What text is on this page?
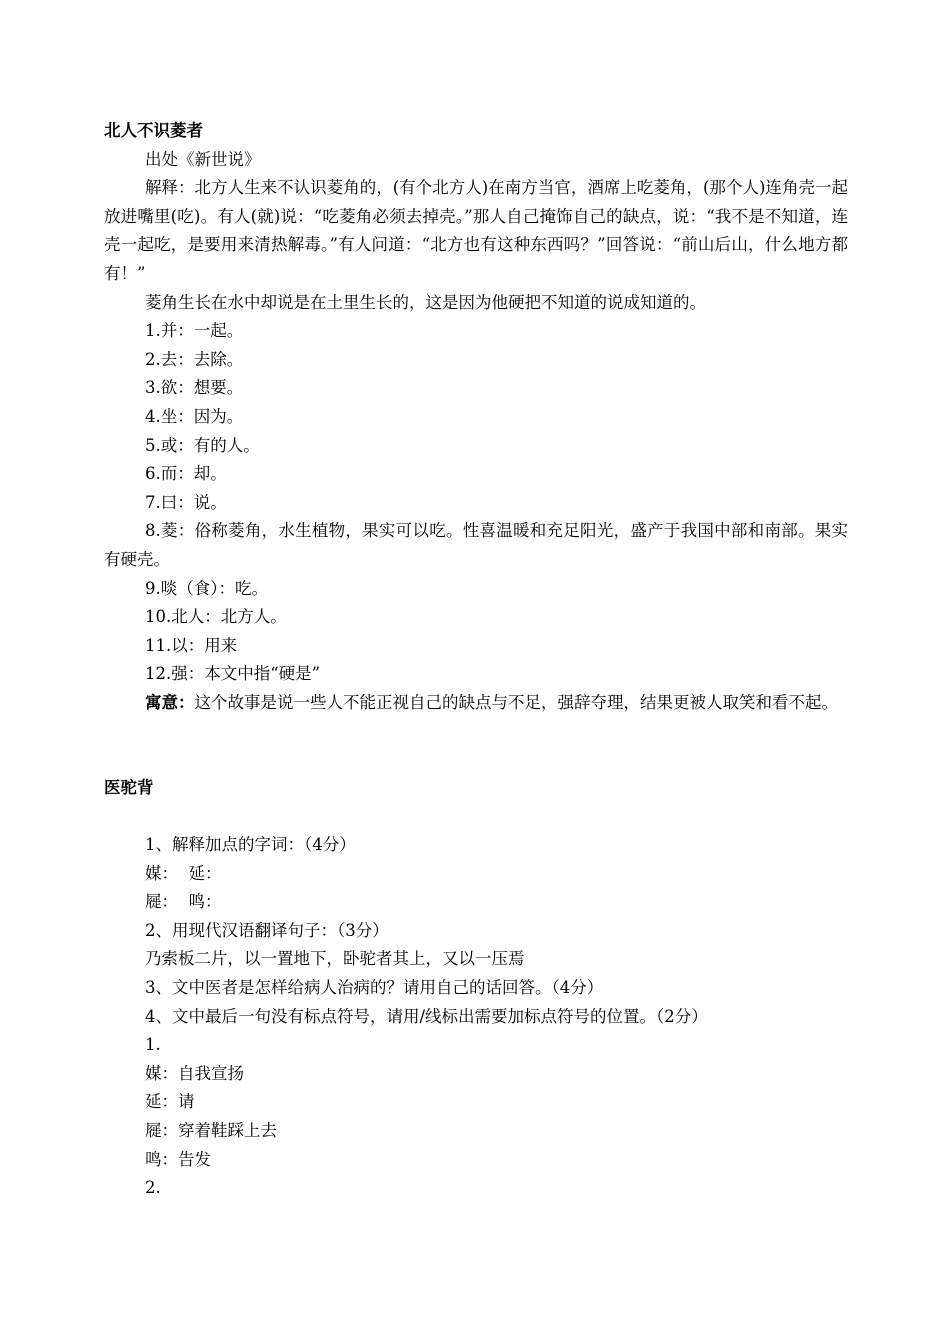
北人不识菱者
出处《新世说》

解释：北方人生来不认识菱角的，(有个北方人)在南方当官，酒席上吃菱角，(那个人)连角壳一起放进嘴里(吃)。有人(就)说：“吃菱角必须去掉壳。”那人自己掩饰自己的缺点，说：“我不是不知道，连壳一起吃，是要用来清热解毒。”有人问道：“北方也有这种东西吗？”回答说：“前山后山，什么地方都有！”

菱角生长在水中却说是在土里生长的，这是因为他硬把不知道的说成知道的。

1.并：一起。

2.去：去除。

3.欲：想要。

4.坐：因为。

5.或：有的人。

6.而：却。

7.曰：说。

8.菱：俗称菱角，水生植物，果实可以吃。性喜温暖和充足阳光，盛产于我国中部和南部。果实有硬壳。

9.啖（食）：吃。

10.北人：北方人。

11.以：用来

12.强：本文中指“硬是”

寓意：这个故事是说一些人不能正视自己的缺点与不足，强辞夺理，结果更被人取笑和看不起。

医驼背

1、解释加点的字词：（4分）

媒：  延：

屣：  鸣：

2、用现代汉语翻译句子：（3分）

乃索板二片，以一置地下，卧驼者其上，又以一压焉

3、文中医者是怎样给病人治病的？请用自己的话回答。（4分）

4、文中最后一句没有标点符号，请用/线标出需要加标点符号的位置。（2分）

1.

媒：自我宣扬

延：请

屣：穿着鞋踩上去

鸣：告发

2.
